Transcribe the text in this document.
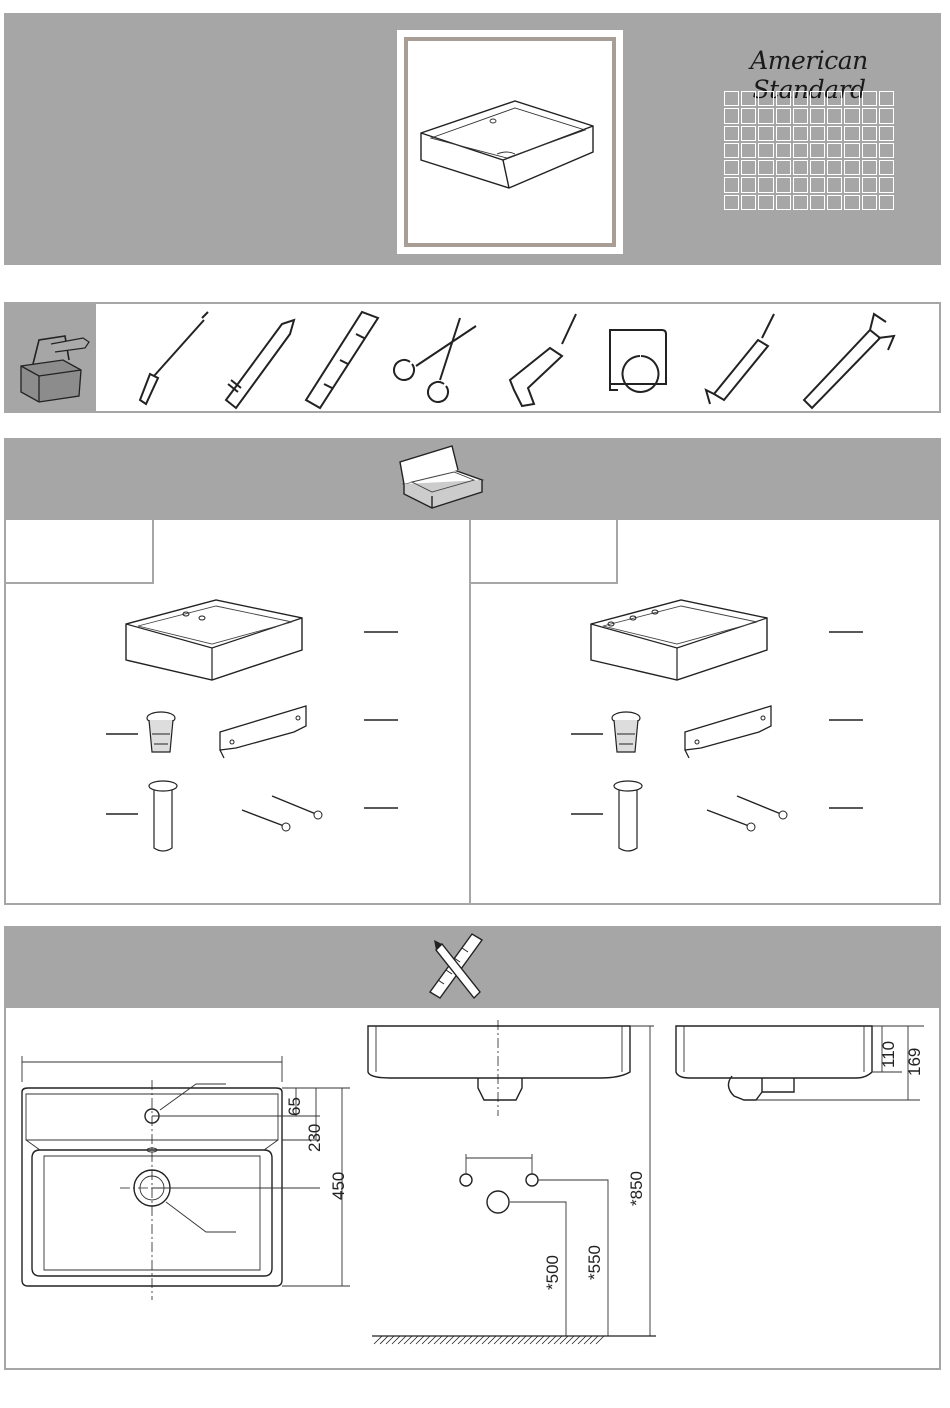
American Standard
65
230
450	*850
*500 *550
110 169
